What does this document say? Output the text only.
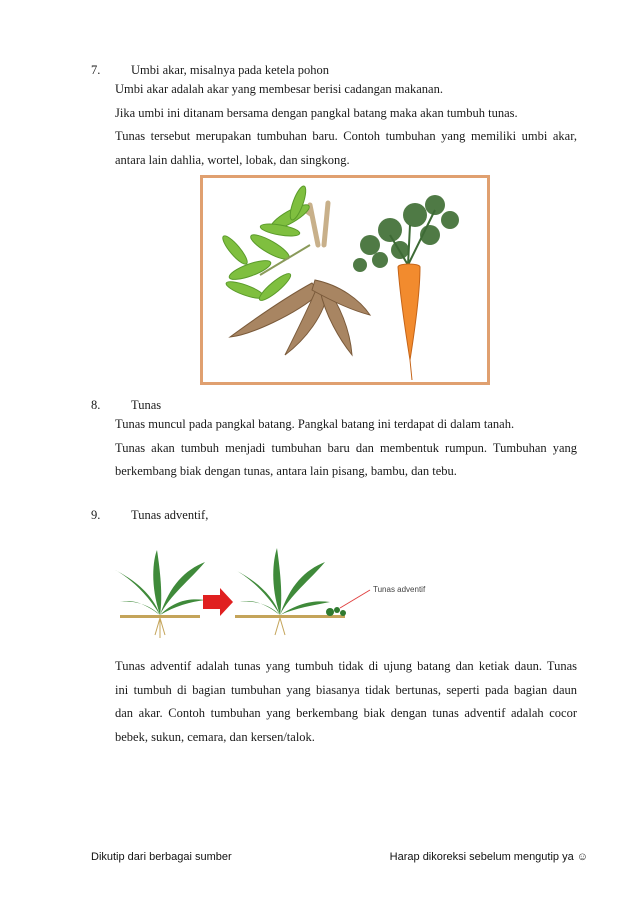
7. Umbi akar, misalnya pada ketela pohon

Umbi akar adalah akar yang membesar berisi cadangan makanan.

Jika umbi ini ditanam bersama dengan pangkal batang maka akan tumbuh tunas.

Tunas tersebut merupakan tumbuhan baru. Contoh tumbuhan yang memiliki umbi akar,

antara lain dahlia, wortel, lobak, dan singkong.

8. Tunas

Tunas muncul pada pangkal batang. Pangkal batang ini terdapat di dalam tanah.

Tunas akan tumbuh menjadi tumbuhan baru dan membentuk rumpun. Tumbuhan yang

berkembang biak dengan tunas, antara lain pisang, bambu, dan tebu.

9. Tunas adventif,
Tunas adventif

Tunas adventif adalah tunas yang tumbuh tidak di ujung batang dan ketiak daun. Tunas

ini tumbuh di bagian tumbuhan yang biasanya tidak bertunas, seperti pada bagian daun

dan akar. Contoh tumbuhan yang berkembang biak dengan tunas adventif adalah cocor

bebek, sukun, cemara, dan kersen/talok.

Dikutip dari berbagai sumber	Harap dikoreksi sebelum mengutip ya ☺
